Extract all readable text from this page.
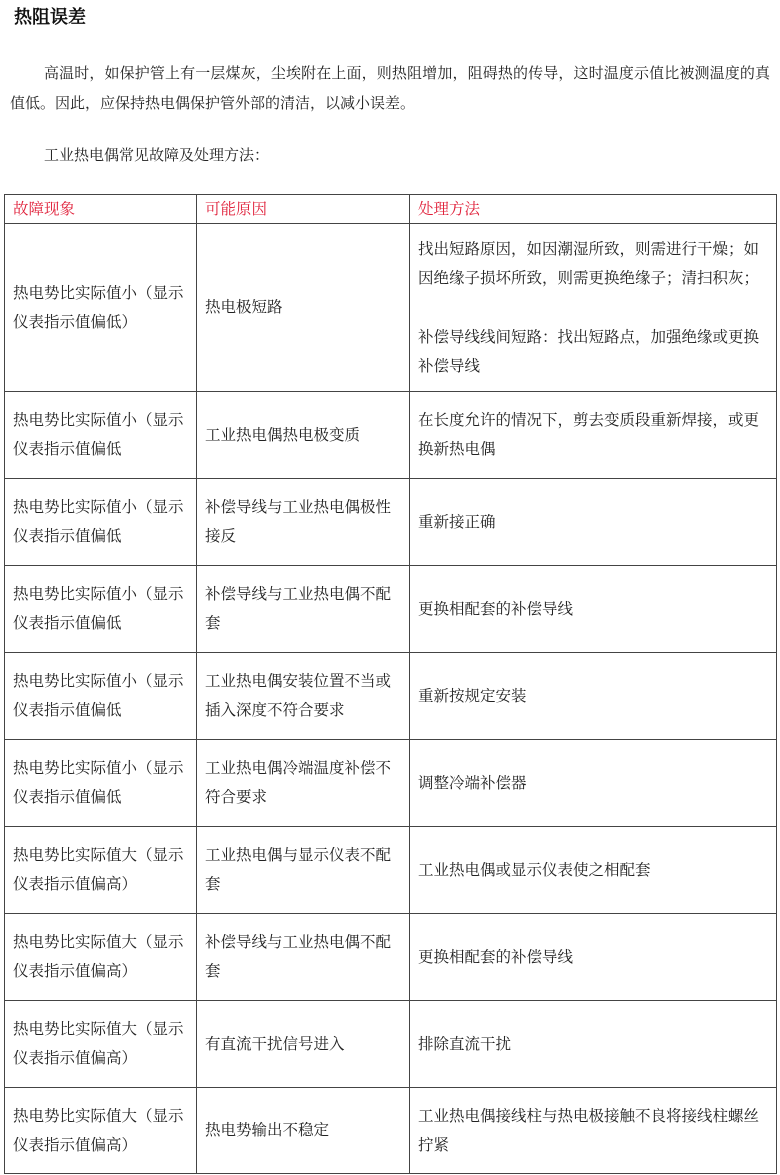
热阻误差

高温时，如保护管上有一层煤灰，尘埃附在上面，则热阻增加，阻碍热的传导，这时温度示值比被测温度的真值低。因此，应保持热电偶保护管外部的清洁，以减小误差。

工业热电偶常见故障及处理方法：

故障现象	可能原因	处理方法
热电势比实际值小（显示仪表指示值偏低）	热电极短路	找出短路原因，如因潮湿所致，则需进行干燥；如因绝缘子损坏所致，则需更换绝缘子；清扫积灰；
补偿导线线间短路：找出短路点，加强绝缘或更换补偿导线

热电势比实际值小（显示仪表指示值偏低	工业热电偶热电极变质	在长度允许的情况下，剪去变质段重新焊接，或更换新热电偶
热电势比实际值小（显示仪表指示值偏低	补偿导线与工业热电偶极性接反	重新接正确
热电势比实际值小（显示仪表指示值偏低	补偿导线与工业热电偶不配套	更换相配套的补偿导线
热电势比实际值小（显示仪表指示值偏低	工业热电偶安装位置不当或插入深度不符合要求	重新按规定安装
热电势比实际值小（显示仪表指示值偏低	工业热电偶冷端温度补偿不符合要求	调整冷端补偿器
热电势比实际值大（显示仪表指示值偏高）	工业热电偶与显示仪表不配套	工业热电偶或显示仪表使之相配套
热电势比实际值大（显示仪表指示值偏高）	补偿导线与工业热电偶不配套	更换相配套的补偿导线
热电势比实际值大（显示仪表指示值偏高）	有直流干扰信号进入	排除直流干扰
热电势比实际值大（显示仪表指示值偏高）	热电势输出不稳定	工业热电偶接线柱与热电极接触不良将接线柱螺丝拧紧
